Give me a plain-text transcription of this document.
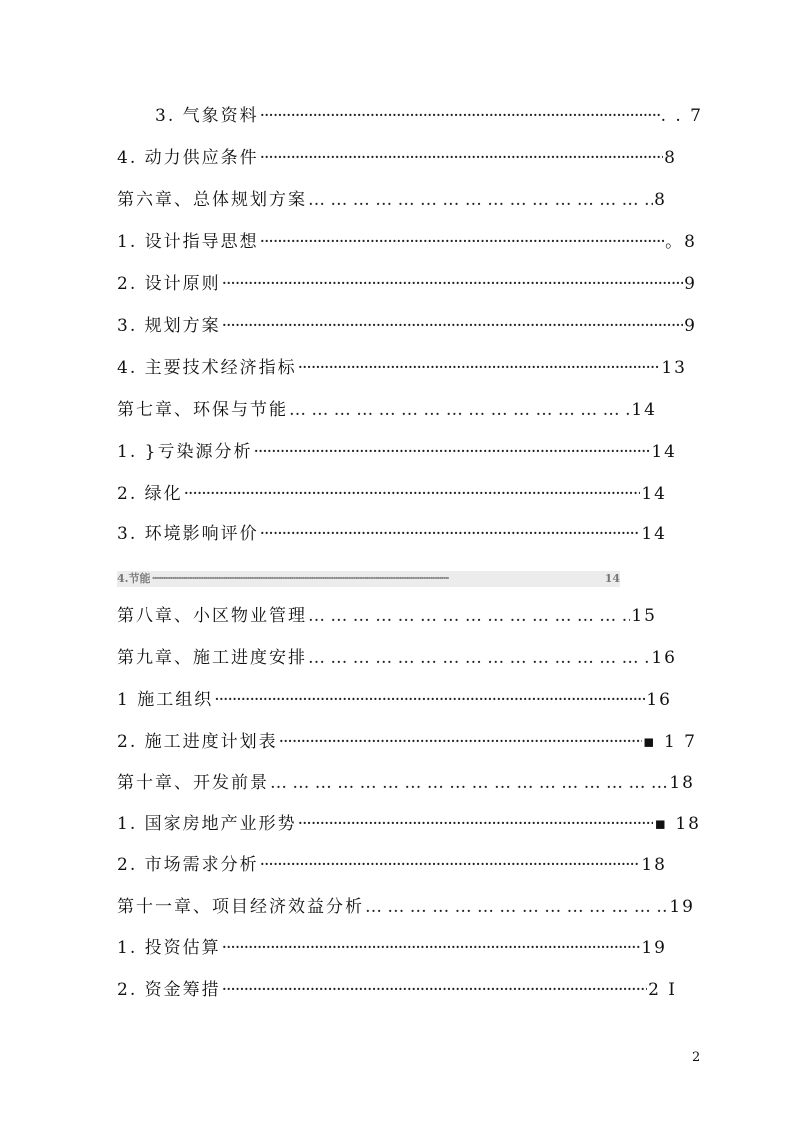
3. 气象资料 ·····	. . 7
4. 动力供应条件 ·····	8
第六章、总体规划方案 … … … … … … … … … … … … … … … … … … … … … … … … … … … … … … … … … … … … … … … … … … … …	8
1. 设计指导思想 ·····	。8
2. 设计原则 ·····	9
3. 规划方案 ·····	9
4. 主要技术经济指标 ·····	13
第七章、环保与节能 … … … … … … … … … … … … … … … … … … … … … … … … … … … … … … … … … … … … … … … … … … … …	14
1. }亏染源分析 ·····	14
2. 绿化 ·····	14
3. 环境影响评价 ·····	14
4.节能 ·····	14
第八章、小区物业管理 … … … … … … … … … … … … … … … … … … … … … … … … … … … … … … … … … … … … … … … … … … … …	15
第九章、施工进度安排 … … … … … … … … … … … … … … … … … … … … … … … … … … … … … … … … … … … … … … … … … … … …	16
1 施工组织 ·····	16
2. 施工进度计划表 ·····	▪ 1 7
第十章、开发前景 … … … … … … … … … … … … … … … … … … … … … … … … … … … … … … … … … … … … … … … … … … … …	18
1. 国家房地产业形势 ·····	▪ 18
2. 市场需求分析 ·····	18
第十一章、项目经济效益分析 … … … … … … … … … … … … … … … … … … … … … … … … … … … … … … … … … … … … … … … … … … … …	19
1. 投资估算 ·····	19
2. 资金筹措 ·····	2 I
2
